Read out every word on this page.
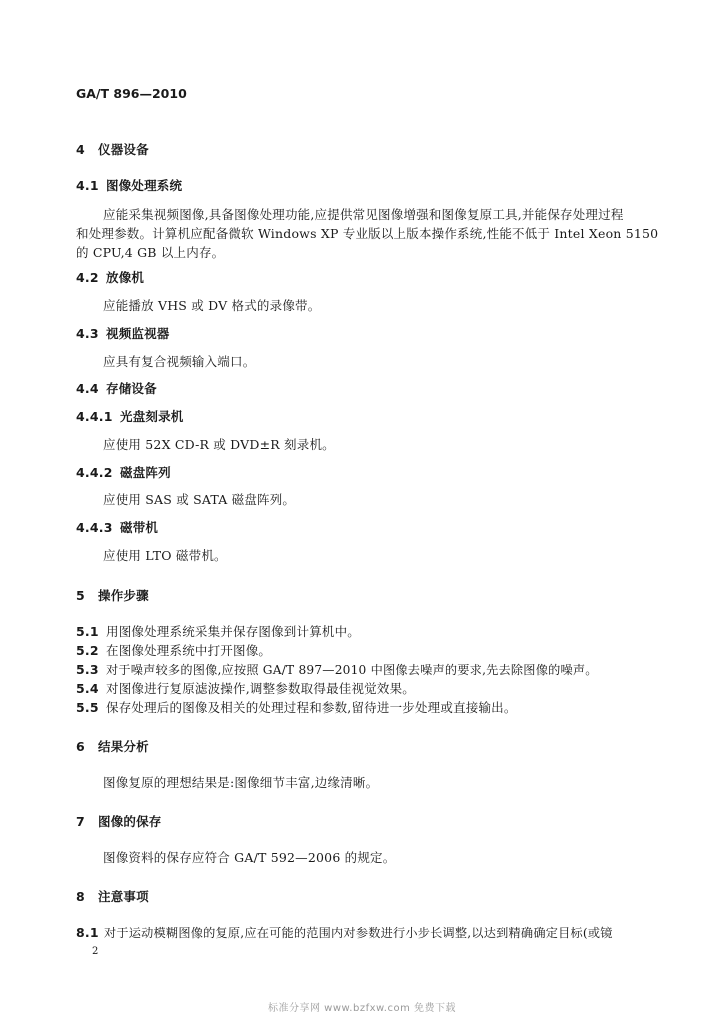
GA/T 896—2010
4 仪器设备
4.1 图像处理系统
应能采集视频图像,具备图像处理功能,应提供常见图像增强和图像复原工具,并能保存处理过程
和处理参数。计算机应配备微软 Windows XP 专业版以上版本操作系统,性能不低于 Intel Xeon 5150
的 CPU,4 GB 以上内存。
4.2 放像机
应能播放 VHS 或 DV 格式的录像带。
4.3 视频监视器
应具有复合视频输入端口。
4.4 存储设备
4.4.1 光盘刻录机
应使用 52X CD-R 或 DVD±R 刻录机。
4.4.2 磁盘阵列
应使用 SAS 或 SATA 磁盘阵列。
4.4.3 磁带机
应使用 LTO 磁带机。
5 操作步骤
5.1 用图像处理系统采集并保存图像到计算机中。
5.2 在图像处理系统中打开图像。
5.3 对于噪声较多的图像,应按照 GA/T 897—2010 中图像去噪声的要求,先去除图像的噪声。
5.4 对图像进行复原滤波操作,调整参数取得最佳视觉效果。
5.5 保存处理后的图像及相关的处理过程和参数,留待进一步处理或直接输出。
6 结果分析
图像复原的理想结果是:图像细节丰富,边缘清晰。
7 图像的保存
图像资料的保存应符合 GA/T 592—2006 的规定。
8 注意事项
8.1 对于运动模糊图像的复原,应在可能的范围内对参数进行小步长调整,以达到精确确定目标(或镜
2
标准分享网 www.bzfxw.com 免费下载
